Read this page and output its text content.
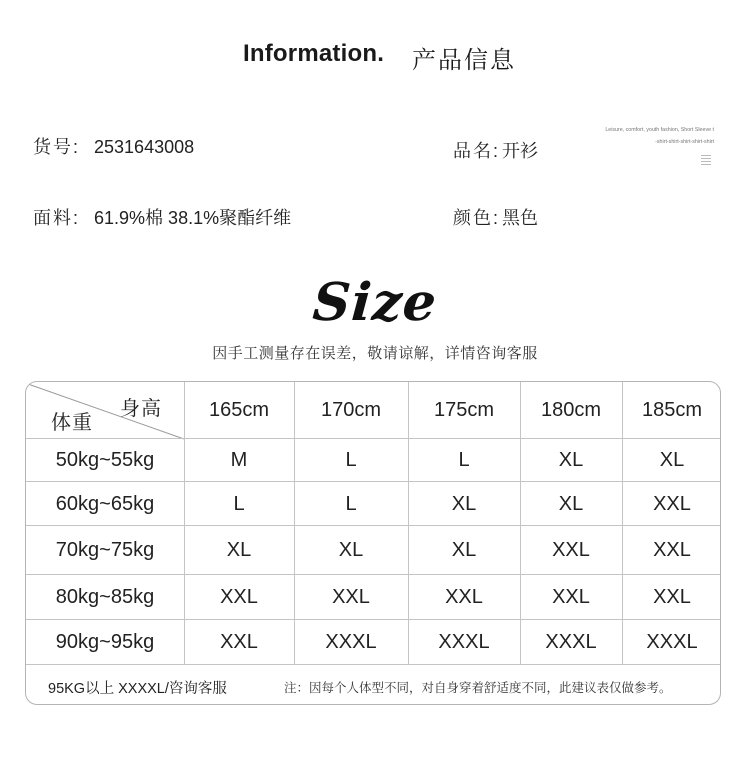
Information. 产品信息
货号: 2531643008	品名: 开衫
面料: 61.9%棉 38.1%聚酯纤维	颜色: 黑色
Leisure, comfort, youth fashion, Short Sleeve t
-shirt-shirt-shirt-shirt-shirt
Size
因手工测量存在误差，敬请谅解，详情咨询客服
身高
体重
95KG以上 XXXXL/咨询客服	注：因每个人体型不同，对自身穿着舒适度不同，此建议表仅做参考。
165cm	170cm	175cm	180cm	185cm
50kg~55kg	M	L	L	XL	XL
60kg~65kg	L	L	XL	XL	XXL
70kg~75kg	XL	XL	XL	XXL	XXL
80kg~85kg	XXL	XXL	XXL	XXL	XXL
90kg~95kg	XXL	XXXL	XXXL	XXXL	XXXL
